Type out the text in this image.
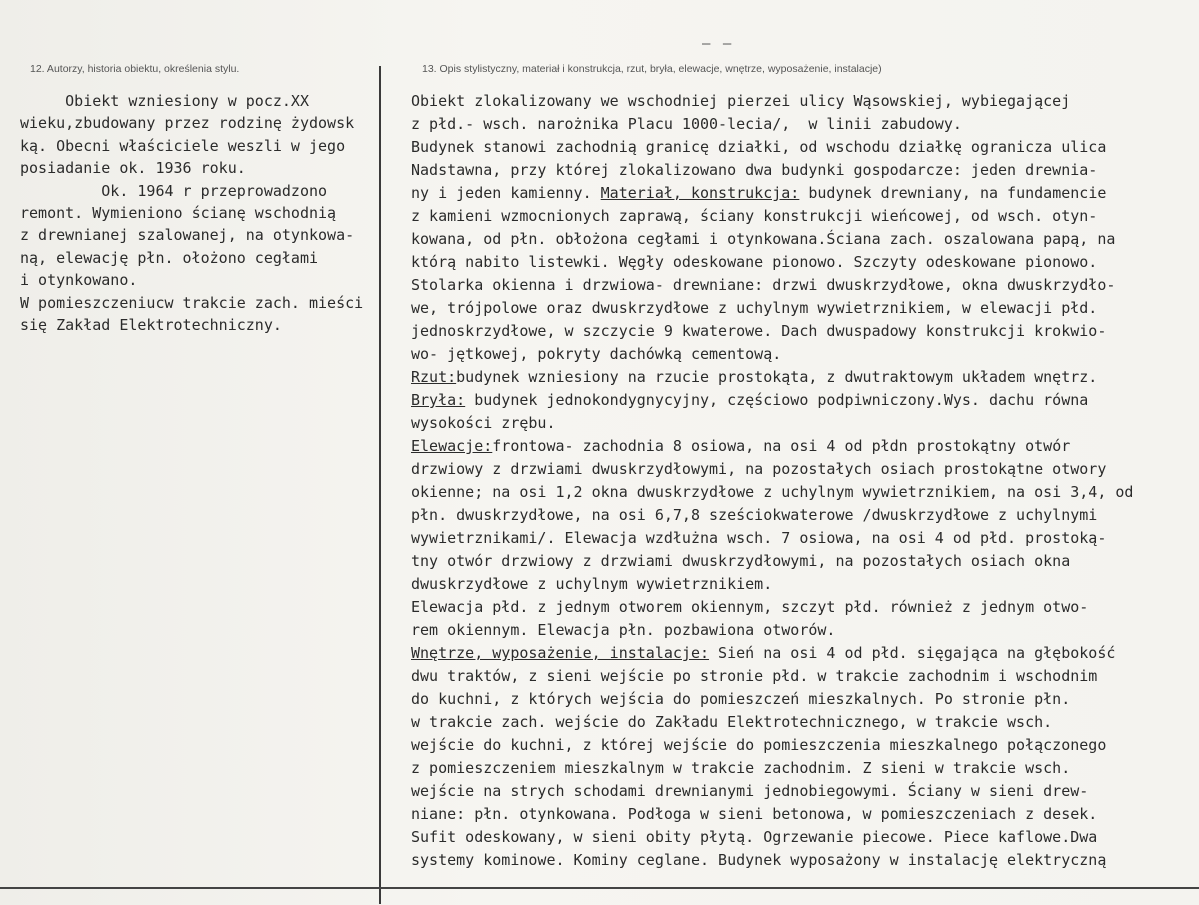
– –
12. Autorzy, historia obiektu, określenia stylu.	13. Opis stylistyczny, materiał i konstrukcja, rzut, bryła, elewacje, wnętrze, wyposażenie, instalacje)
Obiekt wzniesiony w pocz.XX
wieku,zbudowany przez rodzinę żydowsk
ką. Obecni właściciele weszli w jego
posiadanie ok. 1936 roku.
Ok. 1964 r przeprowadzono
remont. Wymieniono ścianę wschodnią
z drewnianej szalowanej, na otynkowa-
ną, elewację płn. ołożono cegłami
i otynkowano.
W pomieszczeniucw trakcie zach. mieści
się Zakład Elektrotechniczny.
Obiekt zlokalizowany we wschodniej pierzei ulicy Wąsowskiej, wybiegającej
z płd.- wsch. narożnika Placu 1000-lecia/,  w linii zabudowy.
Budynek stanowi zachodnią granicę działki, od wschodu działkę ogranicza ulica
Nadstawna, przy której zlokalizowano dwa budynki gospodarcze: jeden drewnia-
ny i jeden kamienny. Materiał, konstrukcja: budynek drewniany, na fundamencie
z kamieni wzmocnionych zaprawą, ściany konstrukcji wieńcowej, od wsch. otyn-
kowana, od płn. obłożona cegłami i otynkowana.Ściana zach. oszalowana papą, na
którą nabito listewki. Węgły odeskowane pionowo. Szczyty odeskowane pionowo.
Stolarka okienna i drzwiowa- drewniane: drzwi dwuskrzydłowe, okna dwuskrzydło-
we, trójpolowe oraz dwuskrzydłowe z uchylnym wywietrznikiem, w elewacji płd.
jednoskrzydłowe, w szczycie 9 kwaterowe. Dach dwuspadowy konstrukcji krokwio-
wo- jętkowej, pokryty dachówką cementową.
Rzut:budynek wzniesiony na rzucie prostokąta, z dwutraktowym układem wnętrz.
Bryła: budynek jednokondygnycyjny, częściowo podpiwniczony.Wys. dachu równa
wysokości zrębu.
Elewacje:frontowa- zachodnia 8 osiowa, na osi 4 od płdn prostokątny otwór
drzwiowy z drzwiami dwuskrzydłowymi, na pozostałych osiach prostokątne otwory
okienne; na osi 1,2 okna dwuskrzydłowe z uchylnym wywietrznikiem, na osi 3,4, od
płn. dwuskrzydłowe, na osi 6,7,8 sześciokwaterowe /dwuskrzydłowe z uchylnymi
wywietrznikami/. Elewacja wzdłużna wsch. 7 osiowa, na osi 4 od płd. prostoką-
tny otwór drzwiowy z drzwiami dwuskrzydłowymi, na pozostałych osiach okna
dwuskrzydłowe z uchylnym wywietrznikiem.
Elewacja płd. z jednym otworem okiennym, szczyt płd. również z jednym otwo-
rem okiennym. Elewacja płn. pozbawiona otworów.
Wnętrze, wyposażenie, instalacje: Sień na osi 4 od płd. sięgająca na głębokość
dwu traktów, z sieni wejście po stronie płd. w trakcie zachodnim i wschodnim
do kuchni, z których wejścia do pomieszczeń mieszkalnych. Po stronie płn.
w trakcie zach. wejście do Zakładu Elektrotechnicznego, w trakcie wsch.
wejście do kuchni, z której wejście do pomieszczenia mieszkalnego połączonego
z pomieszczeniem mieszkalnym w trakcie zachodnim. Z sieni w trakcie wsch.
wejście na strych schodami drewnianymi jednobiegowymi. Ściany w sieni drew-
niane: płn. otynkowana. Podłoga w sieni betonowa, w pomieszczeniach z desek.
Sufit odeskowany, w sieni obity płytą. Ogrzewanie piecowe. Piece kaflowe.Dwa
systemy kominowe. Kominy ceglane. Budynek wyposażony w instalację elektryczną
